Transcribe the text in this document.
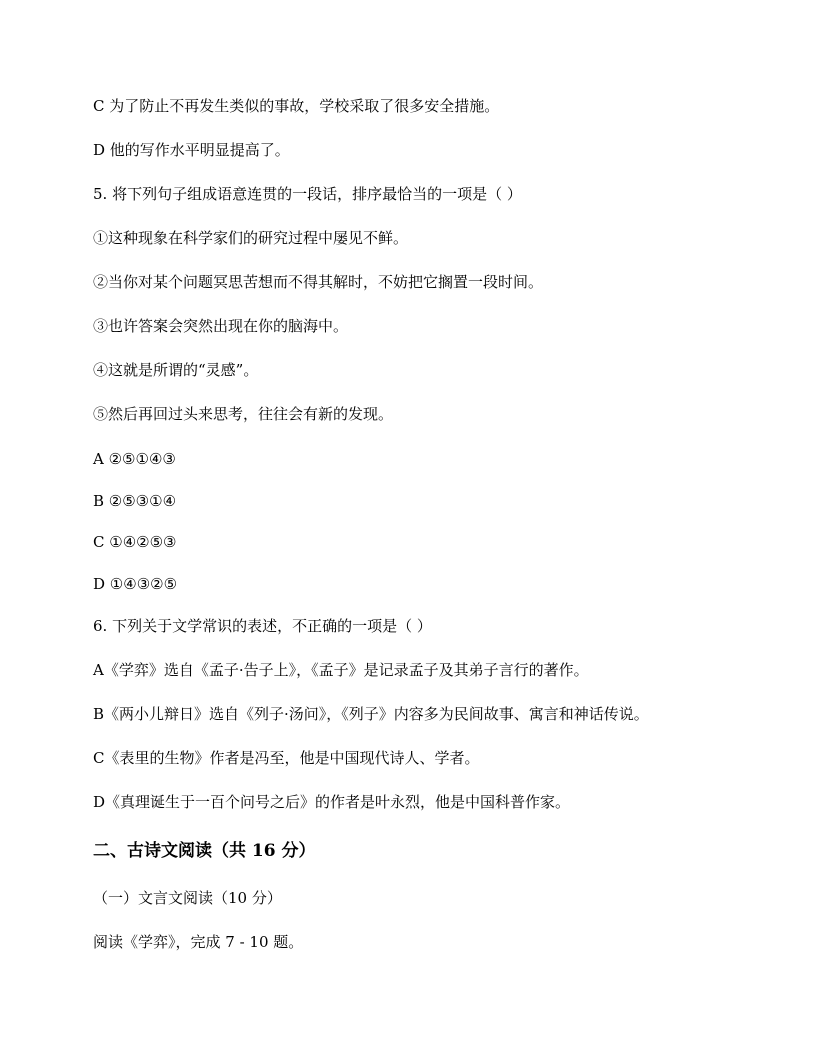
C 为了防止不再发生类似的事故，学校采取了很多安全措施。
D 他的写作水平明显提高了。
5. 将下列句子组成语意连贯的一段话，排序最恰当的一项是（ ）
①这种现象在科学家们的研究过程中屡见不鲜。
②当你对某个问题冥思苦想而不得其解时，不妨把它搁置一段时间。
③也许答案会突然出现在你的脑海中。
④这就是所谓的“灵感”。
⑤然后再回过头来思考，往往会有新的发现。
A ②⑤①④③
B ②⑤③①④
C ①④②⑤③
D ①④③②⑤
6. 下列关于文学常识的表述，不正确的一项是（ ）
A《学弈》选自《孟子·告子上》，《孟子》是记录孟子及其弟子言行的著作。
B《两小儿辩日》选自《列子·汤问》，《列子》内容多为民间故事、寓言和神话传说。
C《表里的生物》作者是冯至，他是中国现代诗人、学者。
D《真理诞生于一百个问号之后》的作者是叶永烈，他是中国科普作家。
二、古诗文阅读（共 16 分）
（一）文言文阅读（10 分）
阅读《学弈》，完成 7 - 10 题。
